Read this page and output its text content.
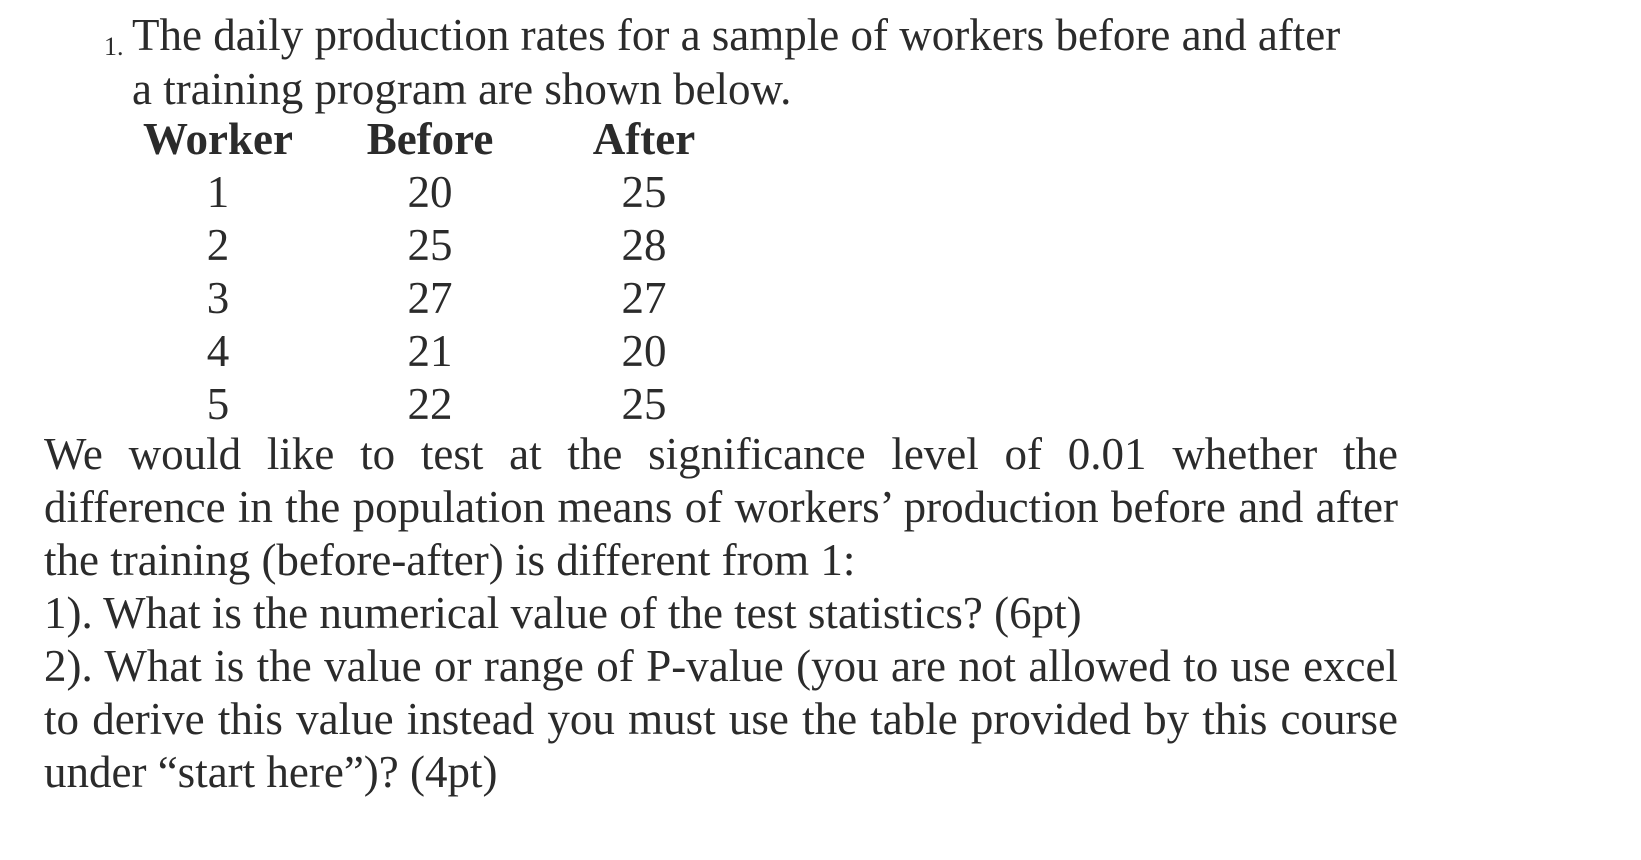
1. The daily production rates for a sample of workers before and after
a training program are shown below.
Worker	Before	After
1	20	25
2	25	28
3	27	27
4	21	20
5	22	25

We would like to test at the significance level of 0.01 whether the difference in the population means of workers’ production before and after the training (before-after) is different from 1:

1). What is the numerical value of the test statistics? (6pt)

2). What is the value or range of P-value (you are not allowed to use excel to derive this value instead you must use the table provided by this course under “start here”)? (4pt)
